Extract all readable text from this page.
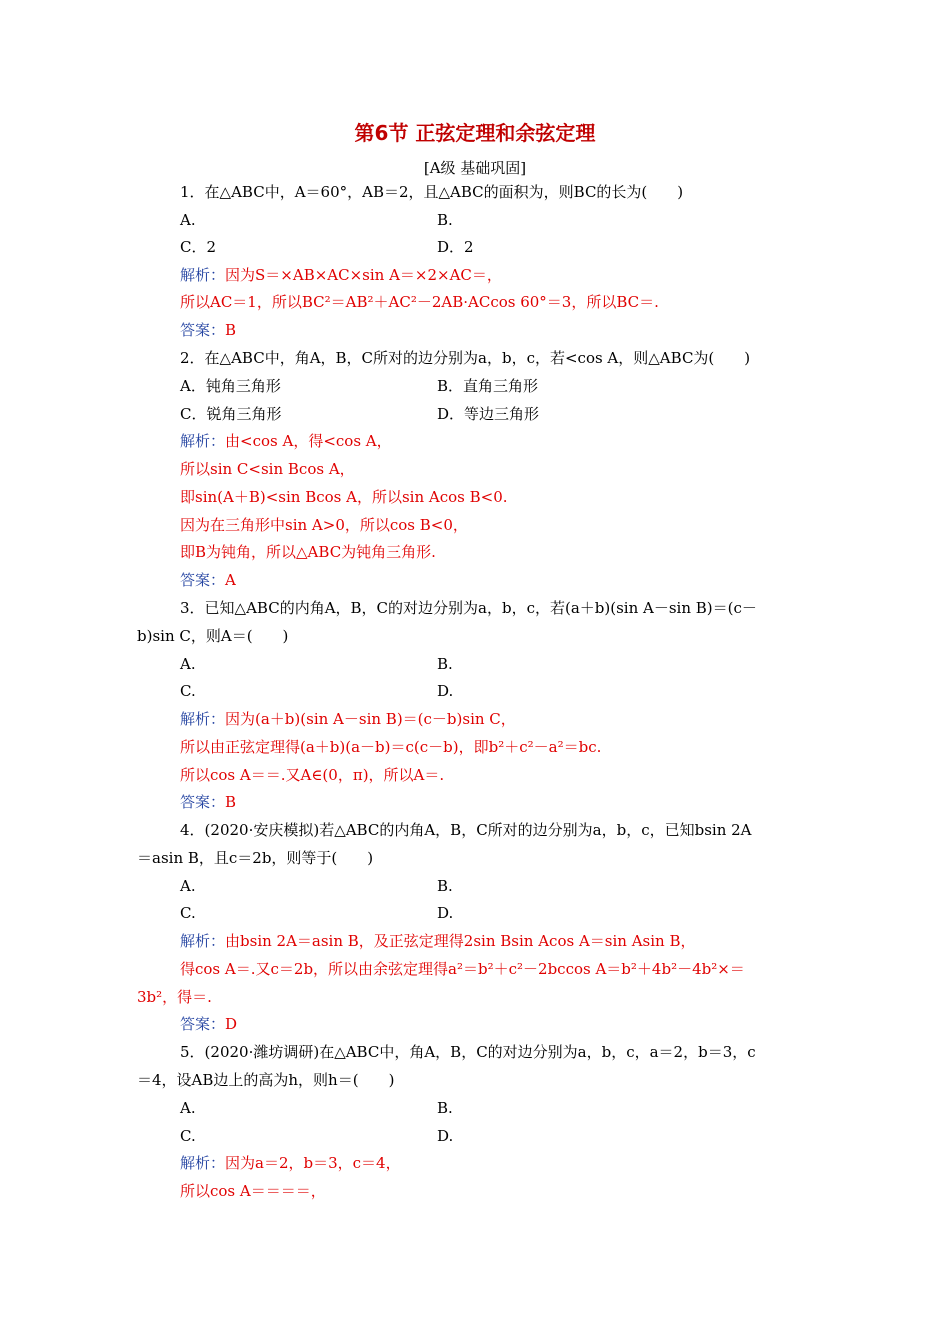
第6节 正弦定理和余弦定理
[A级 基础巩固]
1．在△ABC中，A＝60°，AB＝2，且△ABC的面积为，则BC的长为(　　)
A.	B.
C．2	D．2
解析：因为S＝×AB×AC×sin A＝×2×AC＝，
所以AC＝1，所以BC²＝AB²＋AC²－2AB·ACcos 60°＝3，所以BC＝.
答案：B
2．在△ABC中，角A，B，C所对的边分别为a，b，c，若<cos A，则△ABC为(　　)
A．钝角三角形	B．直角三角形
C．锐角三角形	D．等边三角形
解析：由<cos A，得<cos A，
所以sin C<sin Bcos A，
即sin(A＋B)<sin Bcos A，所以sin Acos B<0.
因为在三角形中sin A>0，所以cos B<0，
即B为钝角，所以△ABC为钝角三角形.
答案：A
3．已知△ABC的内角A，B，C的对边分别为a，b，c，若(a＋b)(sin A－sin B)＝(c－
b)sin C，则A＝(　　)
A.	B.
C.	D.
解析：因为(a＋b)(sin A－sin B)＝(c－b)sin C，
所以由正弦定理得(a＋b)(a－b)＝c(c－b)，即b²＋c²－a²＝bc.
所以cos A＝＝.又A∈(0，π)，所以A＝.
答案：B
4．(2020·安庆模拟)若△ABC的内角A，B，C所对的边分别为a，b，c，已知bsin 2A
＝asin B，且c＝2b，则等于(　　)
A.	B.
C.	D.
解析：由bsin 2A＝asin B，及正弦定理得2sin Bsin Acos A＝sin Asin B，
得cos A＝.又c＝2b，所以由余弦定理得a²＝b²＋c²－2bccos A＝b²＋4b²－4b²×＝
3b²，得＝.
答案：D
5．(2020·潍坊调研)在△ABC中，角A，B，C的对边分别为a，b，c，a＝2，b＝3，c
＝4，设AB边上的高为h，则h＝(　　)
A.	B.
C.	D.
解析：因为a＝2，b＝3，c＝4，
所以cos A＝＝＝＝，
